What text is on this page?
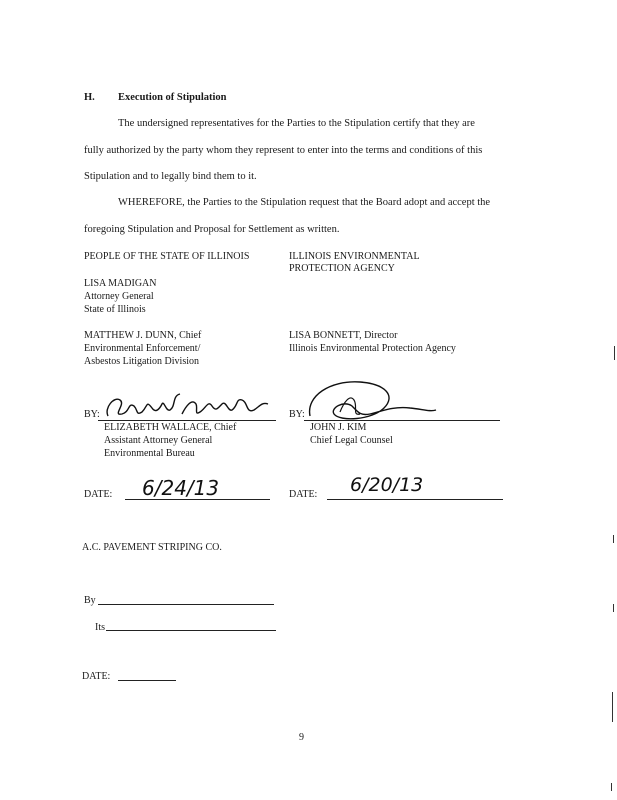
H. Execution of Stipulation
The undersigned representatives for the Parties to the Stipulation certify that they are
fully authorized by the party whom they represent to enter into the terms and conditions of this
Stipulation and to legally bind them to it.
WHEREFORE, the Parties to the Stipulation request that the Board adopt and accept the
foregoing Stipulation and Proposal for Settlement as written.
PEOPLE OF THE STATE OF ILLINOIS
LISA MADIGAN
Attorney General
State of Illinois
MATTHEW J. DUNN, Chief
Environmental Enforcement/
Asbestos Litigation Division
ILLINOIS ENVIRONMENTAL
PROTECTION AGENCY
LISA BONNETT, Director
Illinois Environmental Protection Agency
BY:
ELIZABETH WALLACE, Chief
Assistant Attorney General
Environmental Bureau
BY:
JOHN J. KIM
Chief Legal Counsel
DATE: 6/24/13	DATE: 6/20/13
A.C. PAVEMENT STRIPING CO.
By
Its
DATE:
9
